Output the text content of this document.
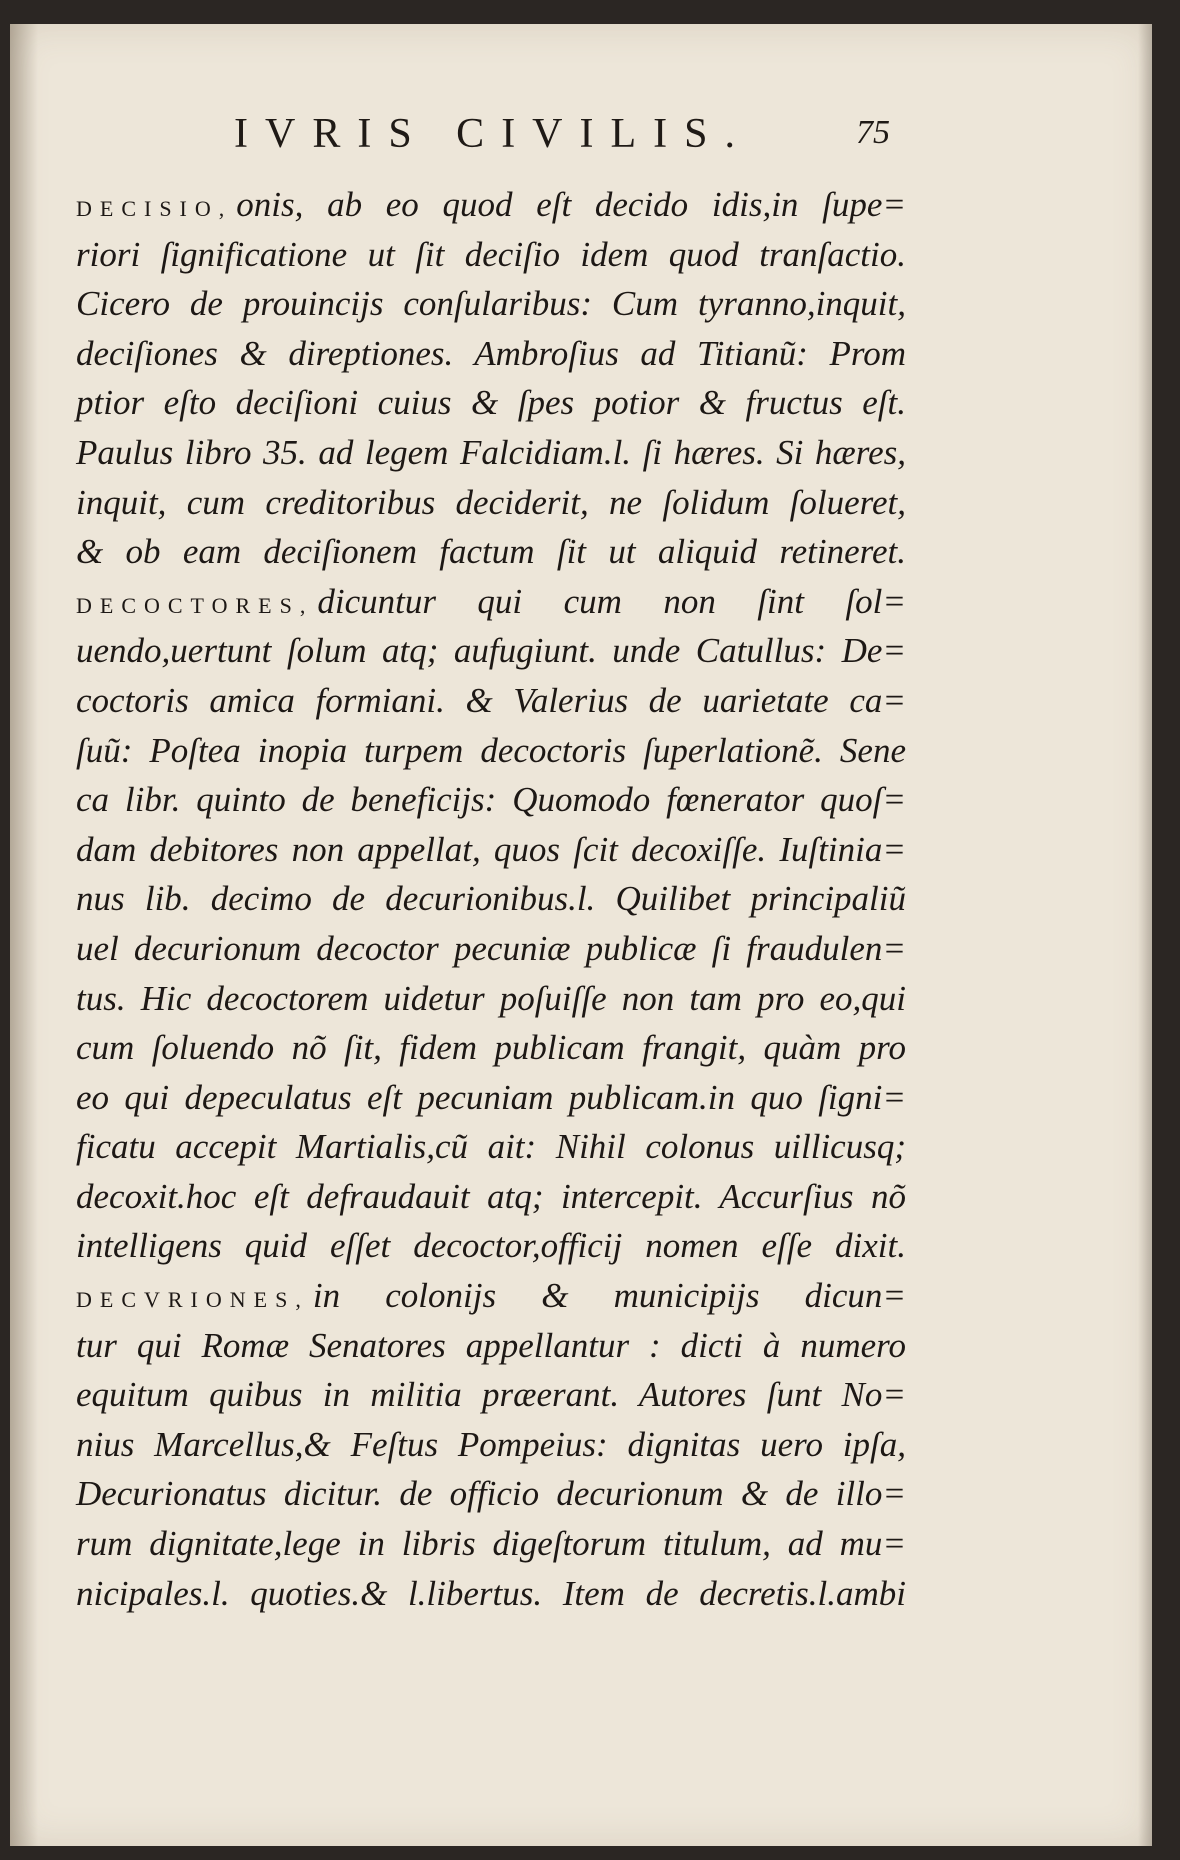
IVRIS CIVILIS.	75
DECISIO, onis, ab eo quod eſt decido idis,in ſupe=
riori ſignificatione ut ſit deciſio idem quod tranſactio.
Cicero de prouincijs conſularibus: Cum tyranno,inquit,
deciſiones & direptiones. Ambroſius ad Titianũ: Prom
ptior eſto deciſioni cuius & ſpes potior & fructus eſt.
Paulus libro 35. ad legem Falcidiam.l. ſi hæres. Si hæres,
inquit, cum creditoribus deciderit, ne ſolidum ſolueret,
& ob eam deciſionem factum ſit ut aliquid retineret.
DECOCTORES, dicuntur qui cum non ſint ſol=
uendo,uertunt ſolum atq; aufugiunt. unde Catullus: De=
coctoris amica formiani. & Valerius de uarietate ca=
ſuũ: Poſtea inopia turpem decoctoris ſuperlationẽ. Sene
ca libr. quinto de beneficijs: Quomodo fœnerator quoſ=
dam debitores non appellat, quos ſcit decoxiſſe. Iuſtinia=
nus lib. decimo de decurionibus.l. Quilibet principaliũ
uel decurionum decoctor pecuniæ publicæ ſi fraudulen=
tus. Hic decoctorem uidetur poſuiſſe non tam pro eo,qui
cum ſoluendo nõ ſit, fidem publicam frangit, quàm pro
eo qui depeculatus eſt pecuniam publicam.in quo ſigni=
ficatu accepit Martialis,cũ ait: Nihil colonus uillicusq;
decoxit.hoc eſt defraudauit atq; intercepit. Accurſius nõ
intelligens quid eſſet decoctor,officij nomen eſſe dixit.
DECVRIONES, in colonijs & municipijs dicun=
tur qui Romæ Senatores appellantur : dicti à numero
equitum quibus in militia præerant. Autores ſunt No=
nius Marcellus,& Feſtus Pompeius: dignitas uero ipſa,
Decurionatus dicitur. de officio decurionum & de illo=
rum dignitate,lege in libris digeſtorum titulum, ad mu=
nicipales.l. quoties.& l.libertus. Item de decretis.l.ambi
